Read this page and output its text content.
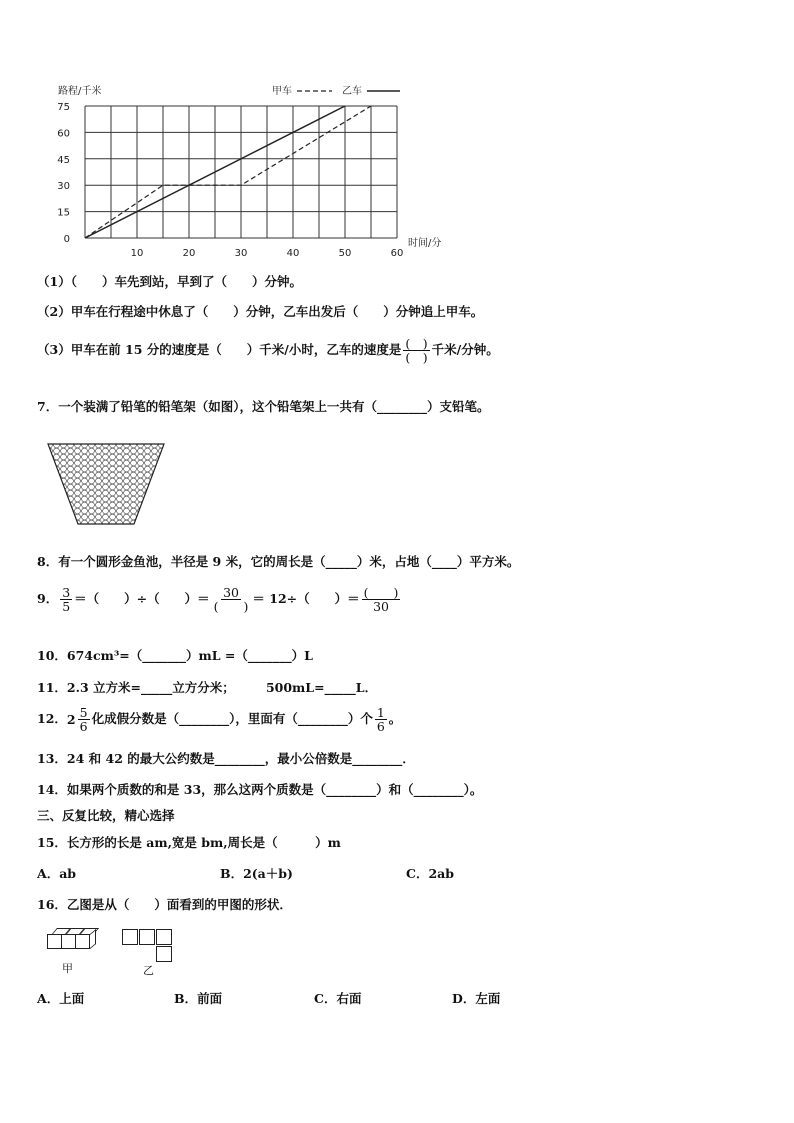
路程/千米	甲车	乙车
75
60
45
30
15
0
10	20	30	40	50	60
时间/分
（1）（　　）车先到站，早到了（　　）分钟。
（2）甲车在行程途中休息了（　　）分钟，乙车出发后（　　）分钟追上甲车。
（3）甲车在前 15 分的速度是（　　）千米/小时，乙车的速度是 $\frac{( )}{( )}$ 千米/分钟。
7．一个装满了铅笔的铅笔架（如图），这个铅笔架上一共有（________）支铅笔。
8．有一个圆形金鱼池，半径是 9 米，它的周长是（_____）米，占地（____）平方米。
9． $\frac{3}{5}$ ＝（　　）÷（　　）＝ $\frac{30}{( )} = 12\div$（　　）＝ $\frac{( )}{30}$
10．674cm³=（_______）mL =（_______）L
11．2.3 立方米=_____立方分米；　　　500mL=_____L．
12． $2 \frac{5}{6}$ 化成假分数是（________），里面有（________）个 $\frac{1}{6}$ 。
13．24 和 42 的最大公约数是________，最小公倍数是________．
14．如果两个质数的和是 33，那么这两个质数是（________）和（________）。
三、反复比较，精心选择
15．长方形的长是 am,宽是 bm,周长是（　　　）m
A．ab	B．2(a＋b)	C．2ab
16．乙图是从（　　）面看到的甲图的形状．
甲	乙
A．上面	B．前面	C．右面	D．左面
